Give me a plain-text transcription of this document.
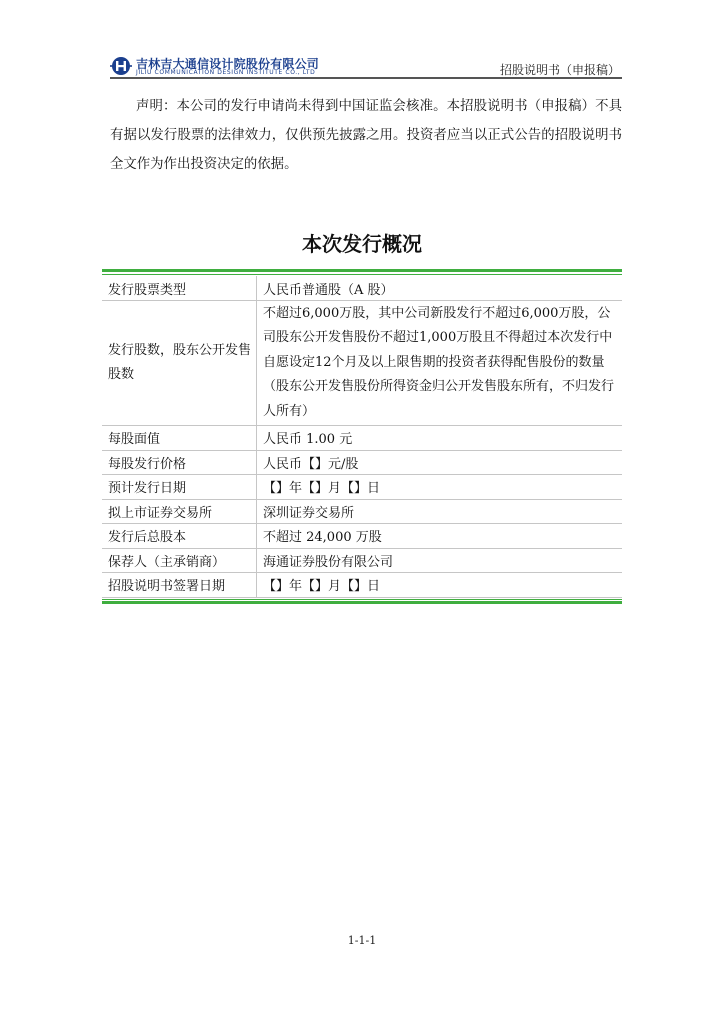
吉林吉大通信设计院股份有限公司
JILIU COMMUNICATION DESIGN INSTITUTE CO., LTD	招股说明书（申报稿）
声明：本公司的发行申请尚未得到中国证监会核准。本招股说明书（申报稿）不具有据以发行股票的法律效力，仅供预先披露之用。投资者应当以正式公告的招股说明书全文作为作出投资决定的依据。
本次发行概况
发行股票类型	人民币普通股（A 股）
发行股数，股东公开发售股数	不超过6,000万股，其中公司新股发行不超过6,000万股，公司股东公开发售股份不超过1,000万股且不得超过本次发行中自愿设定12个月及以上限售期的投资者获得配售股份的数量（股东公开发售股份所得资金归公开发售股东所有，不归发行人所有）
每股面值	人民币 1.00 元
每股发行价格	人民币【】元/股
预计发行日期	【】年【】月【】日
拟上市证券交易所	深圳证券交易所
发行后总股本	不超过 24,000 万股
保荐人（主承销商）	海通证券股份有限公司
招股说明书签署日期	【】年【】月【】日
1-1-1
